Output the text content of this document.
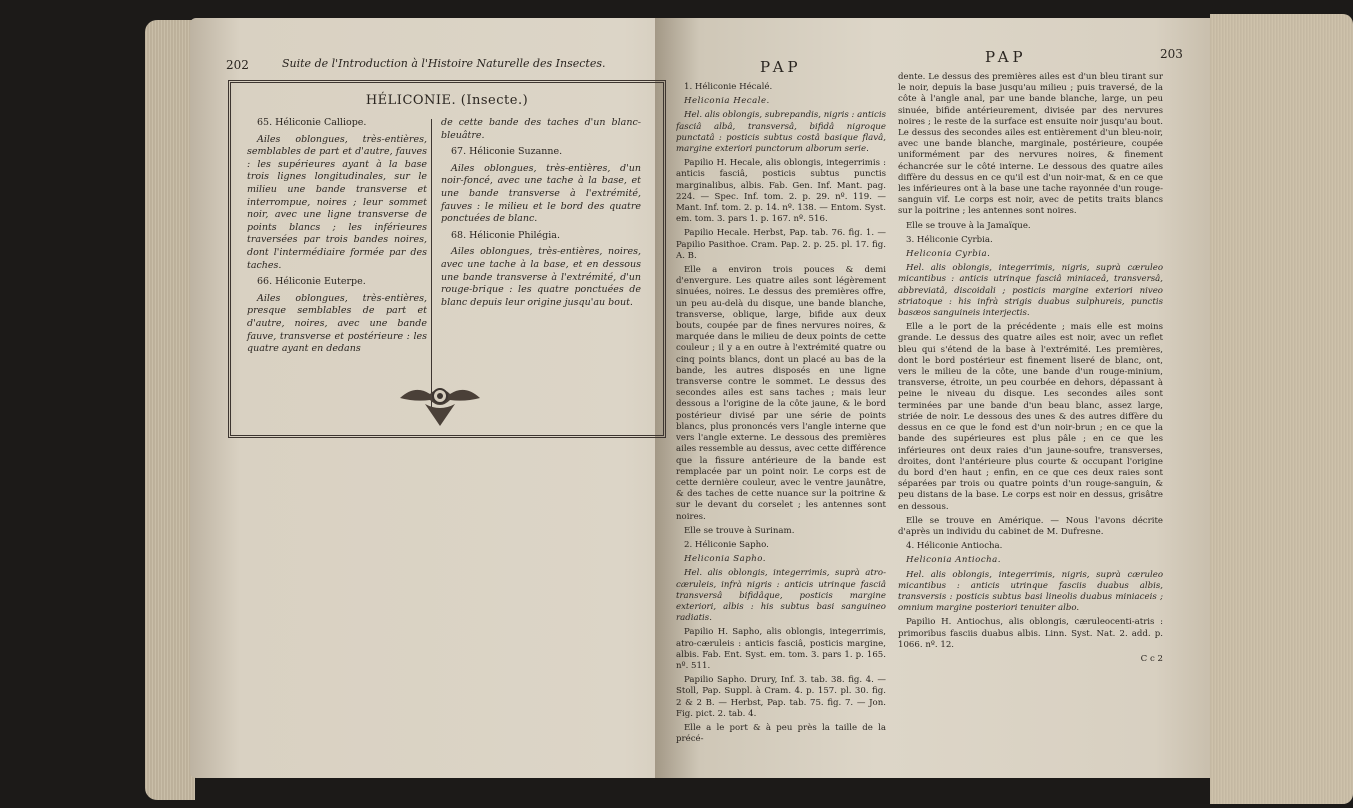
202	Suite de l'Introduction à l'Histoire Naturelle des Insectes.
HÉLICONIE. (Insecte.)

65. Héliconie Calliope.

Ailes oblongues, très-entières, semblables de part et d'autre, fauves : les supérieures ayant à la base trois lignes longitudinales, sur le milieu une bande transverse et interrompue, noires ; leur sommet noir, avec une ligne transverse de points blancs ; les inférieures traversées par trois bandes noires, dont l'intermédiaire formée par des taches.

66. Héliconie Euterpe.

Ailes oblongues, très-entières, presque semblables de part et d'autre, noires, avec une bande fauve, transverse et postérieure : les quatre ayant en dedans

de cette bande des taches d'un blanc-bleuâtre.

67. Héliconie Suzanne.

Ailes oblongues, très-entières, d'un noir-foncé, avec une tache à la base, et une bande transverse à l'extrémité, fauves : le milieu et le bord des quatre ponctuées de blanc.

68. Héliconie Philégia.

Ailes oblongues, très-entières, noires, avec une tache à la base, et en dessous une bande transverse à l'extrémité, d'un rouge-brique : les quatre ponctuées de blanc depuis leur origine jusqu'au bout.

PAP
PAP	203

1. Héliconie Hécalé.

Heliconia Hecale.

Hel. alis oblongis, subrepandis, nigris : anticis fasciâ albâ, transversâ, bifidâ nigroque punctatâ : posticis subtus costâ basique flavâ, margine exteriori punctorum alborum serie.

Papilio H. Hecale, alis oblongis, integerrimis : anticis fasciâ, posticis subtus punctis marginalibus, albis. Fab. Gen. Inf. Mant. pag. 224. — Spec. Inf. tom. 2. p. 29. nº. 119. — Mant. Inf. tom. 2. p. 14. nº. 138. — Entom. Syst. em. tom. 3. pars 1. p. 167. nº. 516.

Papilio Hecale. Herbst, Pap. tab. 76. fig. 1. — Papilio Pasithoe. Cram. Pap. 2. p. 25. pl. 17. fig. A. B.

Elle a environ trois pouces & demi d'envergure. Les quatre ailes sont légèrement sinuées, noires. Le dessus des premières offre, un peu au-delà du disque, une bande blanche, transverse, oblique, large, bifide aux deux bouts, coupée par de fines nervures noires, & marquée dans le milieu de deux points de cette couleur ; il y a en outre à l'extrémité quatre ou cinq points blancs, dont un placé au bas de la bande, les autres disposés en une ligne transverse contre le sommet. Le dessus des secondes ailes est sans taches ; mais leur dessous a l'origine de la côte jaune, & le bord postérieur divisé par une série de points blancs, plus prononcés vers l'angle interne que vers l'angle externe. Le dessous des premières ailes ressemble au dessus, avec cette différence que la fissure antérieure de la bande est remplacée par un point noir. Le corps est de cette dernière couleur, avec le ventre jaunâtre, & des taches de cette nuance sur la poitrine & sur le devant du corselet ; les antennes sont noires.

Elle se trouve à Surinam.

2. Héliconie Sapho.

Heliconia Sapho.

Hel. alis oblongis, integerrimis, suprà atro-cæruleis, infrà nigris : anticis utrinque fasciâ transversâ bifidâque, posticis margine exteriori, albis : his subtus basi sanguineo radiatis.

Papilio H. Sapho, alis oblongis, integerrimis, atro-cæruleis : anticis fasciâ, posticis margine, albis. Fab. Ent. Syst. em. tom. 3. pars 1. p. 165. nº. 511.

Papilio Sapho. Drury, Inf. 3. tab. 38. fig. 4. — Stoll, Pap. Suppl. à Cram. 4. p. 157. pl. 30. fig. 2 & 2 B. — Herbst, Pap. tab. 75. fig. 7. — Jon. Fig. pict. 2. tab. 4.

Elle a le port & à peu près la taille de la précé-

dente. Le dessus des premières ailes est d'un bleu tirant sur le noir, depuis la base jusqu'au milieu ; puis traversé, de la côte à l'angle anal, par une bande blanche, large, un peu sinuée, bifide antérieurement, divisée par des nervures noires ; le reste de la surface est ensuite noir jusqu'au bout. Le dessus des secondes ailes est entièrement d'un bleu-noir, avec une bande blanche, marginale, postérieure, coupée uniformément par des nervures noires, & finement échancrée sur le côté interne. Le dessous des quatre ailes diffère du dessus en ce qu'il est d'un noir-mat, & en ce que les inférieures ont à la base une tache rayonnée d'un rouge-sanguin vif. Le corps est noir, avec de petits traits blancs sur la poitrine ; les antennes sont noires.

Elle se trouve à la Jamaïque.

3. Héliconie Cyrbia.

Heliconia Cyrbia.

Hel. alis oblongis, integerrimis, nigris, suprà cæruleo micantibus : anticis utrinque fasciâ miniaceâ, transversâ, abbreviatâ, discoidali ; posticis margine exteriori niveo striatoque : his infrà strigis duabus sulphureis, punctis basæos sanguineis interjectis.

Elle a le port de la précédente ; mais elle est moins grande. Le dessus des quatre ailes est noir, avec un reflet bleu qui s'étend de la base à l'extrémité. Les premières, dont le bord postérieur est finement liseré de blanc, ont, vers le milieu de la côte, une bande d'un rouge-minium, transverse, étroite, un peu courbée en dehors, dépassant à peine le niveau du disque. Les secondes ailes sont terminées par une bande d'un beau blanc, assez large, striée de noir. Le dessous des unes & des autres diffère du dessus en ce que le fond est d'un noir-brun ; en ce que la bande des supérieures est plus pâle ; en ce que les inférieures ont deux raies d'un jaune-soufre, transverses, droites, dont l'antérieure plus courte & occupant l'origine du bord d'en haut ; enfin, en ce que ces deux raies sont séparées par trois ou quatre points d'un rouge-sanguin, & peu distans de la base. Le corps est noir en dessus, grisâtre en dessous.

Elle se trouve en Amérique. — Nous l'avons décrite d'après un individu du cabinet de M. Dufresne.

4. Héliconie Antiocha.

Heliconia Antiocha.

Hel. alis oblongis, integerrimis, nigris, suprà cæruleo micantibus : anticis utrinque fasciis duabus albis, transversis : posticis subtus basi lineolis duabus miniaceis ; omnium margine posteriori tenuiter albo.

Papilio H. Antiochus, alis oblongis, cæruleocenti-atris : primoribus fasciis duabus albis. Linn. Syst. Nat. 2. add. p. 1066. nº. 12.

C c 2
